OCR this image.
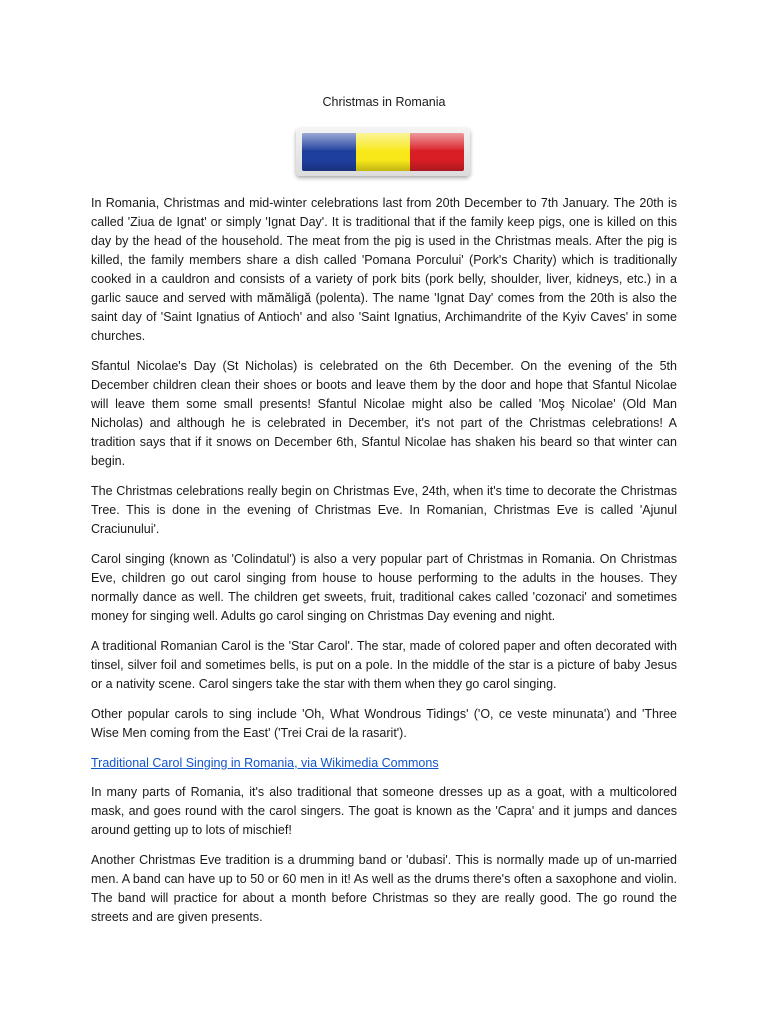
Christmas in Romania

In Romania, Christmas and mid-winter celebrations last from 20th December to 7th January. The 20th is called 'Ziua de Ignat' or simply 'Ignat Day'. It is traditional that if the family keep pigs, one is killed on this day by the head of the household. The meat from the pig is used in the Christmas meals. After the pig is killed, the family members share a dish called 'Pomana Porcului' (Pork's Charity) which is traditionally cooked in a cauldron and consists of a variety of pork bits (pork belly, shoulder, liver, kidneys, etc.) in a garlic sauce and served with mămăligă (polenta). The name 'Ignat Day' comes from the 20th is also the saint day of 'Saint Ignatius of Antioch' and also 'Saint Ignatius, Archimandrite of the Kyiv Caves' in some churches.

Sfantul Nicolae's Day (St Nicholas) is celebrated on the 6th December. On the evening of the 5th December children clean their shoes or boots and leave them by the door and hope that Sfantul Nicolae will leave them some small presents! Sfantul Nicolae might also be called 'Moş Nicolae' (Old Man Nicholas) and although he is celebrated in December, it's not part of the Christmas celebrations! A tradition says that if it snows on December 6th, Sfantul Nicolae has shaken his beard so that winter can begin.

The Christmas celebrations really begin on Christmas Eve, 24th, when it's time to decorate the Christmas Tree. This is done in the evening of Christmas Eve. In Romanian, Christmas Eve is called 'Ajunul Craciunului'.

Carol singing (known as 'Colindatul') is also a very popular part of Christmas in Romania. On Christmas Eve, children go out carol singing from house to house performing to the adults in the houses. They normally dance as well. The children get sweets, fruit, traditional cakes called 'cozonaci' and sometimes money for singing well. Adults go carol singing on Christmas Day evening and night.

A traditional Romanian Carol is the 'Star Carol'. The star, made of colored paper and often decorated with tinsel, silver foil and sometimes bells, is put on a pole. In the middle of the star is a picture of baby Jesus or a nativity scene. Carol singers take the star with them when they go carol singing.

Other popular carols to sing include 'Oh, What Wondrous Tidings' ('O, ce veste minunata') and 'Three Wise Men coming from the East' ('Trei Crai de la rasarit').

Traditional Carol Singing in Romania, via Wikimedia Commons

In many parts of Romania, it's also traditional that someone dresses up as a goat, with a multicolored mask, and goes round with the carol singers. The goat is known as the 'Capra' and it jumps and dances around getting up to lots of mischief!

Another Christmas Eve tradition is a drumming band or 'dubasi'. This is normally made up of un-married men. A band can have up to 50 or 60 men in it! As well as the drums there's often a saxophone and violin. The band will practice for about a month before Christmas so they are really good. The go round the streets and are given presents.
